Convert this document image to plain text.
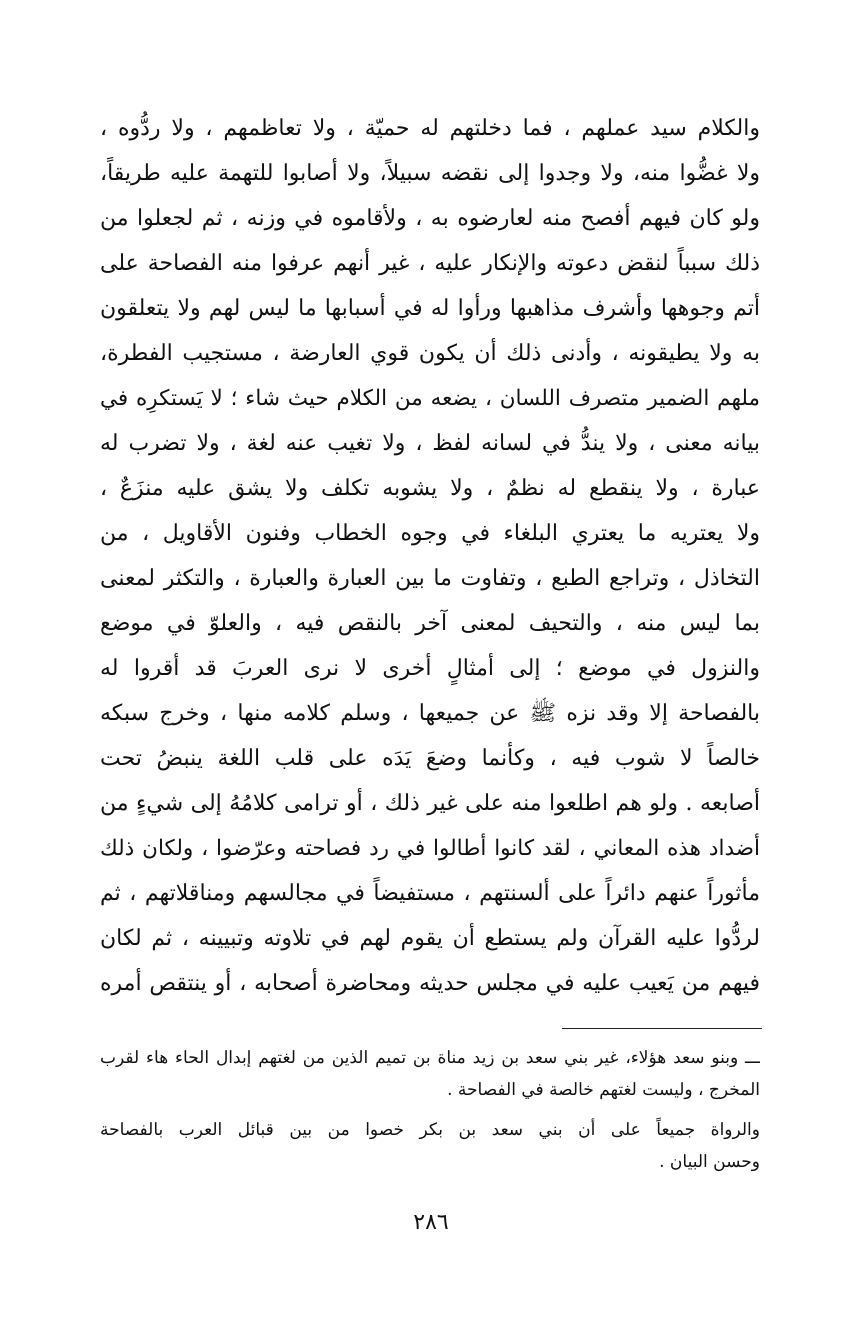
والكلام سيد عملهم ، فما دخلتهم له حميّة ، ولا تعاظمهم ، ولا ردُّوه ،
ولا غضُّوا منه، ولا وجدوا إلى نقضه سبيلاً، ولا أصابوا للتهمة عليه طريقاً،
ولو كان فيهم أفصح منه لعارضوه به ، ولأقاموه في وزنه ، ثم لجعلوا من
ذلك سبباً لنقض دعوته والإنكار عليه ، غير أنهم عرفوا منه الفصاحة على
أتم وجوهها وأشرف مذاهبها ورأوا له في أسبابها ما ليس لهم ولا يتعلقون
به ولا يطيقونه ، وأدنى ذلك أن يكون قوي العارضة ، مستجيب الفطرة،
ملهم الضمير متصرف اللسان ، يضعه من الكلام حيث شاء ؛ لا يَستكرِه في
بيانه معنى ، ولا يندُّ في لسانه لفظ ، ولا تغيب عنه لغة ، ولا تضرب له
عبارة ، ولا ينقطع له نظمٌ ، ولا يشوبه تكلف ولا يشق عليه منزَعٌ ،
ولا يعتريه ما يعتري البلغاء في وجوه الخطاب وفنون الأقاويل ، من
التخاذل ، وتراجع الطبع ، وتفاوت ما بين العبارة والعبارة ، والتكثر لمعنى
بما ليس منه ، والتحيف لمعنى آخر بالنقص فيه ، والعلوّ في موضع
والنزول في موضع ؛ إلى أمثالٍ أخرى لا نرى العربَ قد أقروا له
بالفصاحة إلا وقد نزه ﷺ عن جميعها ، وسلم كلامه منها ، وخرج سبكه
خالصاً لا شوب فيه ، وكأنما وضعَ يَدَه على قلب اللغة ينبضُ تحت
أصابعه . ولو هم اطلعوا منه على غير ذلك ، أو ترامى كلامُهُ إلى شيءٍ من
أضداد هذه المعاني ، لقد كانوا أطالوا في رد فصاحته وعرّضوا ، ولكان ذلك
مأثوراً عنهم دائراً على ألسنتهم ، مستفيضاً في مجالسهم ومناقلاتهم ، ثم
لردُّوا عليه القرآن ولم يستطع أن يقوم لهم في تلاوته وتبيينه ، ثم لكان
فيهم من يَعيب عليه في مجلس حديثه ومحاضرة أصحابه ، أو ينتقص أمره
ـــ وبنو سعد هؤلاء، غير بني سعد بن زيد مناة بن تميم الذين من لغتهم إبدال الحاء هاء لقرب
المخرج ، وليست لغتهم خالصة في الفصاحة .
والرواة جميعاً على أن بني سعد بن بكر خصوا من بين قبائل العرب بالفصاحة
وحسن البيان .
٢٨٦
